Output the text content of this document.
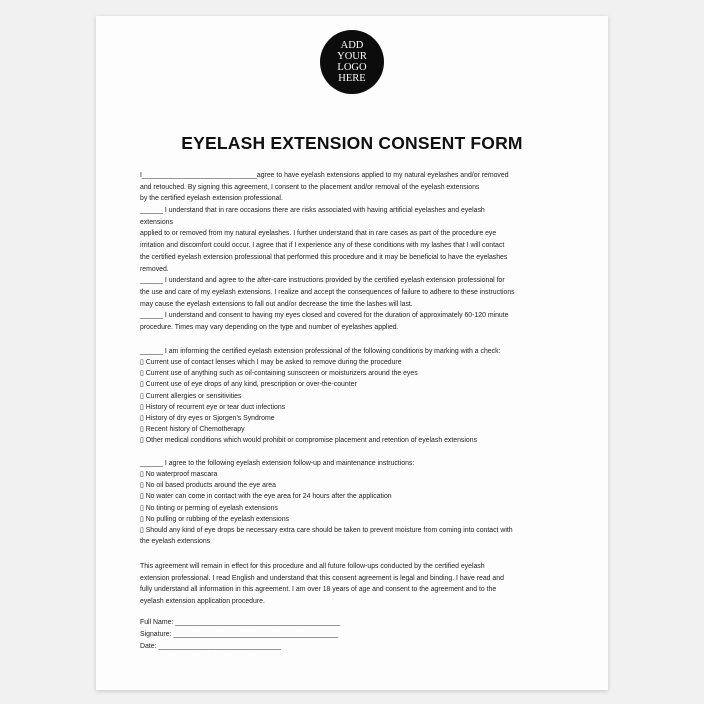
ADD
YOUR
LOGO
HERE
EYELASH EXTENSION CONSENT FORM
I______________________________agree to have eyelash extensions applied to my natural eyelashes and/or removed
and retouched. By signing this agreement, I consent to the placement and/or removal of the eyelash extensions
by the certified eyelash extension professional.
______ I understand that in rare occasions there are risks associated with having artificial eyelashes and eyelash
extensions
applied to or removed from my natural eyelashes. I further understand that in rare cases as part of the procedure eye
irritation and discomfort could occur. I agree that if I experience any of these conditions with my lashes that I will contact
the certified eyelash extension professional that performed this procedure and it may be beneficial to have the eyelashes
removed.
______ I understand and agree to the after-care instructions provided by the certified eyelash extension professional for
the use and care of my eyelash extensions. I realize and accept the consequences of failure to adhere to these instructions
may cause the eyelash extensions to fall out and/or decrease the time the lashes will last.
______ I understand and consent to having my eyes closed and covered for the duration of approximately 60-120 minute
procedure. Times may vary depending on the type and number of eyelashes applied.
______ I am informing the certified eyelash extension professional of the following conditions by marking with a check:
▯ Current use of contact lenses which I may be asked to remove during the procedure
▯ Current use of anything such as oil-containing sunscreen or moisturizers around the eyes
▯ Current use of eye drops of any kind, prescription or over-the-counter
▯ Current allergies or sensitivities
▯ History of recurrent eye or tear duct infections
▯ History of dry eyes or Sjorgen's Syndrome
▯ Recent history of Chemotherapy
▯ Other medical conditions which would prohibit or compromise placement and retention of eyelash extensions
______ I agree to the following eyelash extension follow-up and maintenance instructions:
▯ No waterproof mascara
▯ No oil based products around the eye area
▯ No water can come in contact with the eye area for 24 hours after the application
▯ No tinting or perming of eyelash extensions
▯ No pulling or rubbing of the eyelash extensions
▯ Should any kind of eye drops be necessary extra care should be taken to prevent moisture from coming into contact with
the eyelash extensions
This agreement will remain in effect for this procedure and all future follow-ups conducted by the certified eyelash
extension professional. I read English and understand that this consent agreement is legal and binding. I have read and
fully understand all information in this agreement. I am over 18 years of age and consent to the agreement and to the
eyelash extension application procedure.
Full Name: ___________________________________________
Signature: ___________________________________________
Date: ________________________________
